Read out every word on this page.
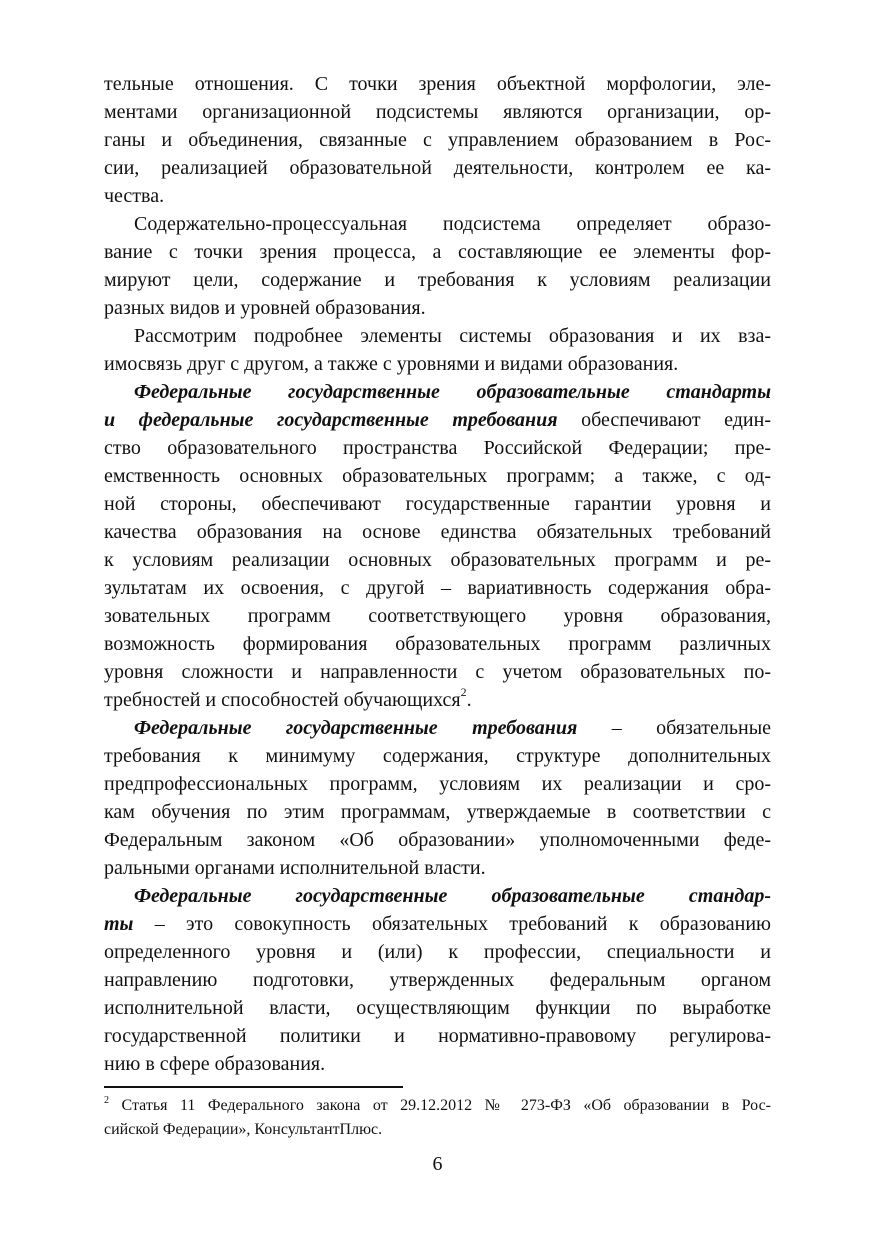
тельные отношения. С точки зрения объектной морфологии, эле-
ментами организационной подсистемы являются организации, ор-
ганы и объединения, связанные с управлением образованием в Рос-
сии, реализацией образовательной деятельности, контролем ее ка-
чества.
Содержательно-процессуальная подсистема определяет образо-
вание с точки зрения процесса, а составляющие ее элементы фор-
мируют цели, содержание и требования к условиям реализации
разных видов и уровней образования.
Рассмотрим подробнее элементы системы образования и их вза-
имосвязь друг с другом, а также с уровнями и видами образования.
Федеральные государственные образовательные стандарты
и федеральные государственные требования обеспечивают един-
ство образовательного пространства Российской Федерации; пре-
емственность основных образовательных программ; а также, с од-
ной стороны, обеспечивают государственные гарантии уровня и
качества образования на основе единства обязательных требований
к условиям реализации основных образовательных программ и ре-
зультатам их освоения, с другой – вариативность содержания обра-
зовательных программ соответствующего уровня образования,
возможность формирования образовательных программ различных
уровня сложности и направленности с учетом образовательных по-
требностей и способностей обучающихся$^2$.
Федеральные государственные требования – обязательные
требования к минимуму содержания, структуре дополнительных
предпрофессиональных программ, условиям их реализации и сро-
кам обучения по этим программам, утверждаемые в соответствии с
Федеральным законом «Об образовании» уполномоченными феде-
ральными органами исполнительной власти.
Федеральные государственные образовательные стандар-
ты – это совокупность обязательных требований к образованию
определенного уровня и (или) к профессии, специальности и
направлению подготовки, утвержденных федеральным органом
исполнительной власти, осуществляющим функции по выработке
государственной политики и нормативно-правовому регулирова-
нию в сфере образования.
$^2$ Статья 11 Федерального закона от 29.12.2012 № 273-ФЗ «Об образовании в Рос-
сийской Федерации», КонсультантПлюс.
6
